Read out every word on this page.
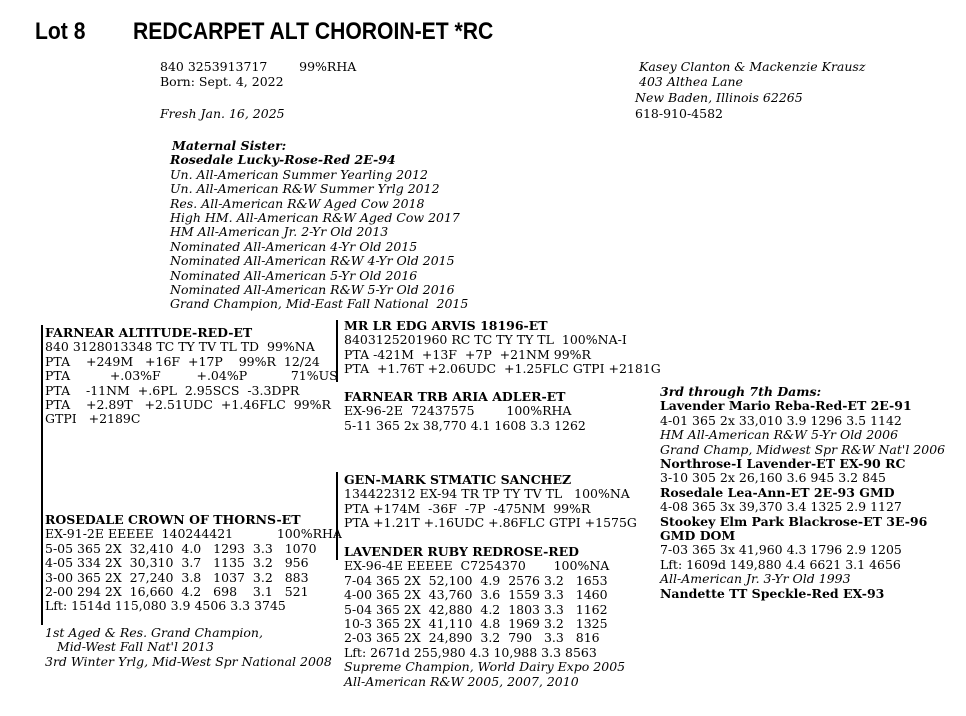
Lot 8 REDCARPET ALT CHOROIN-ET *RC
840 3253913717        99%RHA
Born: Sept. 4, 2022
Fresh Jan. 16, 2025
Kasey Clanton & Mackenzie Krausz
403 Althea Lane
New Baden, Illinois 62265
618-910-4582
Maternal Sister:
Rosedale Lucky-Rose-Red 2E-94
Un. All-American Summer Yearling 2012
Un. All-American R&W Summer Yrlg 2012
Res. All-American R&W Aged Cow 2018
High HM. All-American R&W Aged Cow 2017
HM All-American Jr. 2-Yr Old 2013
Nominated All-American 4-Yr Old 2015
Nominated All-American R&W 4-Yr Old 2015
Nominated All-American 5-Yr Old 2016
Nominated All-American R&W 5-Yr Old 2016
Grand Champion, Mid-East Fall National  2015
FARNEAR ALTITUDE-RED-ET
840 3128013348 TC TY TV TL TD  99%NA
PTA    +249M   +16F  +17P    99%R  12/24
PTA          +.03%F         +.04%P           71%US
PTA    -11NM  +.6PL  2.95SCS  -3.3DPR
PTA    +2.89T   +2.51UDC  +1.46FLC  99%R
GTPI   +2189C
MR LR EDG ARVIS 18196-ET
8403125201960 RC TC TY TY TL  100%NA-I
PTA -421M  +13F  +7P  +21NM 99%R
PTA  +1.76T +2.06UDC  +1.25FLC GTPI +2181G
FARNEAR TRB ARIA ADLER-ET
EX-96-2E  72437575        100%RHA
5-11 365 2x 38,770 4.1 1608 3.3 1262
3rd through 7th Dams:
Lavender Mario Reba-Red-ET 2E-91
4-01 365 2x 33,010 3.9 1296 3.5 1142
HM All-American R&W 5-Yr Old 2006
Grand Champ, Midwest Spr R&W Nat'l 2006
Northrose-I Lavender-ET EX-90 RC
3-10 305 2x 26,160 3.6 945 3.2 845
Rosedale Lea-Ann-ET 2E-93 GMD
4-08 365 3x 39,370 3.4 1325 2.9 1127
Stookey Elm Park Blackrose-ET 3E-96
GMD DOM
7-03 365 3x 41,960 4.3 1796 2.9 1205
Lft: 1609d 149,880 4.4 6621 3.1 4656
All-American Jr. 3-Yr Old 1993
Nandette TT Speckle-Red EX-93
GEN-MARK STMATIC SANCHEZ
134422312 EX-94 TR TP TY TV TL   100%NA
PTA +174M  -36F  -7P  -475NM  99%R
PTA +1.21T +.16UDC +.86FLC GTPI +1575G
ROSEDALE CROWN OF THORNS-ET
EX-91-2E EEEEE  140244421           100%RHA
5-05 365 2X  32,410  4.0   1293  3.3   1070
4-05 334 2X  30,310  3.7   1135  3.2   956
3-00 365 2X  27,240  3.8   1037  3.2   883
2-00 294 2X  16,660  4.2   698    3.1   521
Lft: 1514d 115,080 3.9 4506 3.3 3745
1st Aged & Res. Grand Champion,
Mid-West Fall Nat'l 2013
3rd Winter Yrlg, Mid-West Spr National 2008
LAVENDER RUBY REDROSE-RED
EX-96-4E EEEEE  C7254370       100%NA
7-04 365 2X  52,100  4.9  2576 3.2   1653
4-00 365 2X  43,760  3.6  1559 3.3   1460
5-04 365 2X  42,880  4.2  1803 3.3   1162
10-3 365 2X  41,110  4.8  1969 3.2   1325
2-03 365 2X  24,890  3.2  790   3.3   816
Lft: 2671d 255,980 4.3 10,988 3.3 8563
Supreme Champion, World Dairy Expo 2005
All-American R&W 2005, 2007, 2010
